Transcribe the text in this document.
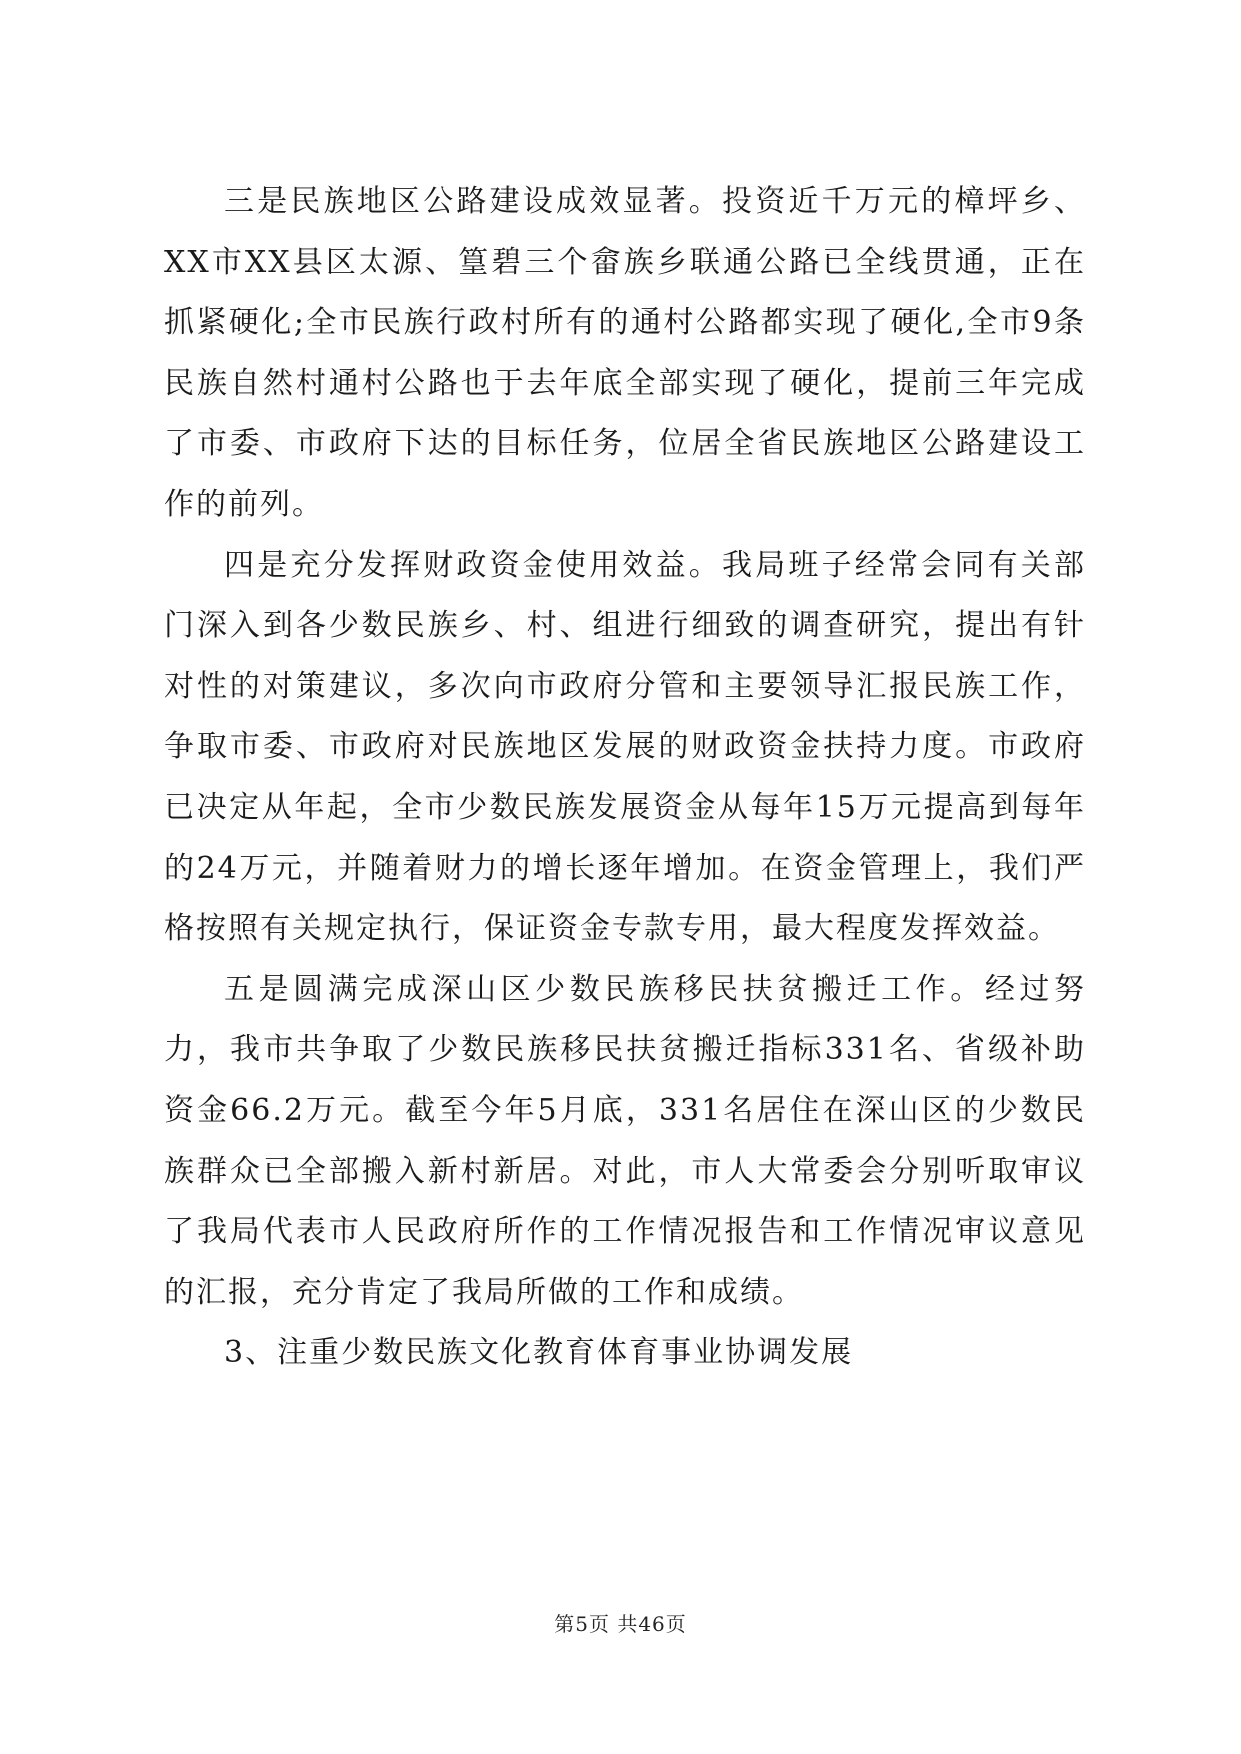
三是民族地区公路建设成效显著。投资近千万元的樟坪乡、XX市XX县区太源、篁碧三个畲族乡联通公路已全线贯通，正在抓紧硬化;全市民族行政村所有的通村公路都实现了硬化,全市9条民族自然村通村公路也于去年底全部实现了硬化，提前三年完成了市委、市政府下达的目标任务，位居全省民族地区公路建设工作的前列。

四是充分发挥财政资金使用效益。我局班子经常会同有关部门深入到各少数民族乡、村、组进行细致的调查研究，提出有针对性的对策建议，多次向市政府分管和主要领导汇报民族工作，争取市委、市政府对民族地区发展的财政资金扶持力度。市政府已决定从年起，全市少数民族发展资金从每年15万元提高到每年的24万元，并随着财力的增长逐年增加。在资金管理上，我们严格按照有关规定执行，保证资金专款专用，最大程度发挥效益。

五是圆满完成深山区少数民族移民扶贫搬迁工作。经过努力，我市共争取了少数民族移民扶贫搬迁指标331名、省级补助资金66.2万元。截至今年5月底，331名居住在深山区的少数民族群众已全部搬入新村新居。对此，市人大常委会分别听取审议了我局代表市人民政府所作的工作情况报告和工作情况审议意见的汇报，充分肯定了我局所做的工作和成绩。

3、注重少数民族文化教育体育事业协调发展

第5页 共46页
